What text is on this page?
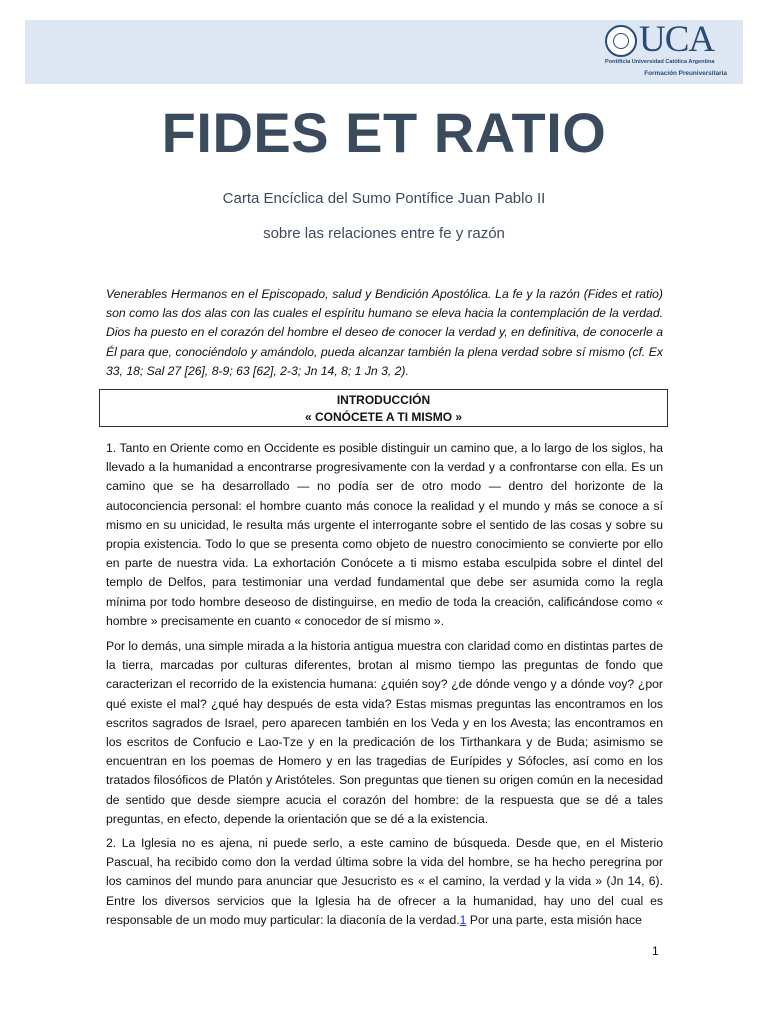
UCA
Pontificia Universidad Católica Argentina
Formación Preuniversitaria
FIDES ET RATIO
Carta Encíclica del Sumo Pontífice Juan Pablo II
sobre las relaciones entre fe y razón
Venerables Hermanos en el Episcopado, salud y Bendición Apostólica. La fe y la razón (Fides et ratio) son como las dos alas con las cuales el espíritu humano se eleva hacia la contemplación de la verdad. Dios ha puesto en el corazón del hombre el deseo de conocer la verdad y, en definitiva, de conocerle a Él para que, conociéndolo y amándolo, pueda alcanzar también la plena verdad sobre sí mismo (cf. Ex 33, 18; Sal 27 [26], 8-9; 63 [62], 2-3; Jn 14, 8; 1 Jn 3, 2).
INTRODUCCIÓN
« CONÓCETE A TI MISMO »
1. Tanto en Oriente como en Occidente es posible distinguir un camino que, a lo largo de los siglos, ha llevado a la humanidad a encontrarse progresivamente con la verdad y a confrontarse con ella. Es un camino que se ha desarrollado — no podía ser de otro modo — dentro del horizonte de la autoconciencia personal: el hombre cuanto más conoce la realidad y el mundo y más se conoce a sí mismo en su unicidad, le resulta más urgente el interrogante sobre el sentido de las cosas y sobre su propia existencia. Todo lo que se presenta como objeto de nuestro conocimiento se convierte por ello en parte de nuestra vida. La exhortación Conócete a ti mismo estaba esculpida sobre el dintel del templo de Delfos, para testimoniar una verdad fundamental que debe ser asumida como la regla mínima por todo hombre deseoso de distinguirse, en medio de toda la creación, calificándose como « hombre » precisamente en cuanto « conocedor de sí mismo ».
Por lo demás, una simple mirada a la historia antigua muestra con claridad como en distintas partes de la tierra, marcadas por culturas diferentes, brotan al mismo tiempo las preguntas de fondo que caracterizan el recorrido de la existencia humana: ¿quién soy? ¿de dónde vengo y a dónde voy? ¿por qué existe el mal? ¿qué hay después de esta vida? Estas mismas preguntas las encontramos en los escritos sagrados de Israel, pero aparecen también en los Veda y en los Avesta; las encontramos en los escritos de Confucio e Lao-Tze y en la predicación de los Tirthankara y de Buda; asimismo se encuentran en los poemas de Homero y en las tragedias de Eurípides y Sófocles, así como en los tratados filosóficos de Platón y Aristóteles. Son preguntas que tienen su origen común en la necesidad de sentido que desde siempre acucia el corazón del hombre: de la respuesta que se dé a tales preguntas, en efecto, depende la orientación que se dé a la existencia.
2. La Iglesia no es ajena, ni puede serlo, a este camino de búsqueda. Desde que, en el Misterio Pascual, ha recibido como don la verdad última sobre la vida del hombre, se ha hecho peregrina por los caminos del mundo para anunciar que Jesucristo es « el camino, la verdad y la vida » (Jn 14, 6). Entre los diversos servicios que la Iglesia ha de ofrecer a la humanidad, hay uno del cual es responsable de un modo muy particular: la diaconía de la verdad.1 Por una parte, esta misión hace
1
